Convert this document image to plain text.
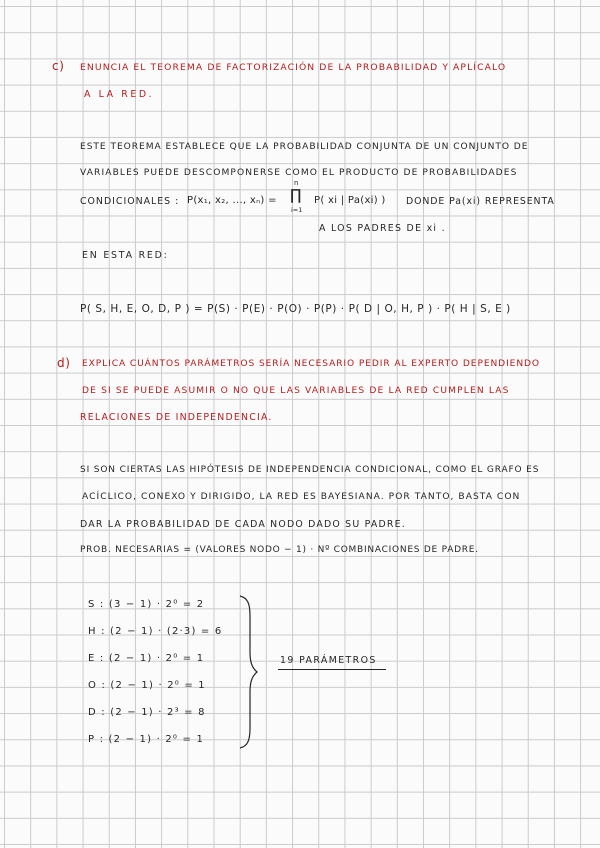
c) ENUNCIA EL TEOREMA DE FACTORIZACIÓN DE LA PROBABILIDAD Y APLÍCALO
A LA RED.
ESTE TEOREMA ESTABLECE QUE LA PROBABILIDAD CONJUNTA DE UN CONJUNTO DE
VARIABLES PUEDE DESCOMPONERSE COMO EL PRODUCTO DE PROBABILIDADES
CONDICIONALES : P(x₁, x₂, ..., xₙ) =
n
∏
i=1
P( xi | Pa(xi) ) DONDE Pa(xi) REPRESENTA
A LOS PADRES DE xi .
EN ESTA RED:
P( S, H, E, O, D, P ) = P(S) · P(E) · P(O) · P(P) · P( D | O, H, P ) · P( H | S, E )
d) EXPLICA CUÁNTOS PARÁMETROS SERÍA NECESARIO PEDIR AL EXPERTO DEPENDIENDO
DE SI SE PUEDE ASUMIR O NO QUE LAS VARIABLES DE LA RED CUMPLEN LAS
RELACIONES DE INDEPENDENCIA.
SI SON CIERTAS LAS HIPÓTESIS DE INDEPENDENCIA CONDICIONAL, COMO EL GRAFO ES
ACÍCLICO, CONEXO Y DIRIGIDO, LA RED ES BAYESIANA. POR TANTO, BASTA CON
DAR LA PROBABILIDAD DE CADA NODO DADO SU PADRE.
PROB. NECESARIAS = (VALORES NODO − 1) · Nº COMBINACIONES DE PADRE.
S : (3 − 1) · 2⁰ = 2
H : (2 − 1) · (2·3) = 6
E : (2 − 1) · 2⁰ = 1
O : (2 − 1) · 2⁰ = 1
D : (2 − 1) · 2³ = 8
P : (2 − 1) · 2⁰ = 1
19 PARÁMETROS
